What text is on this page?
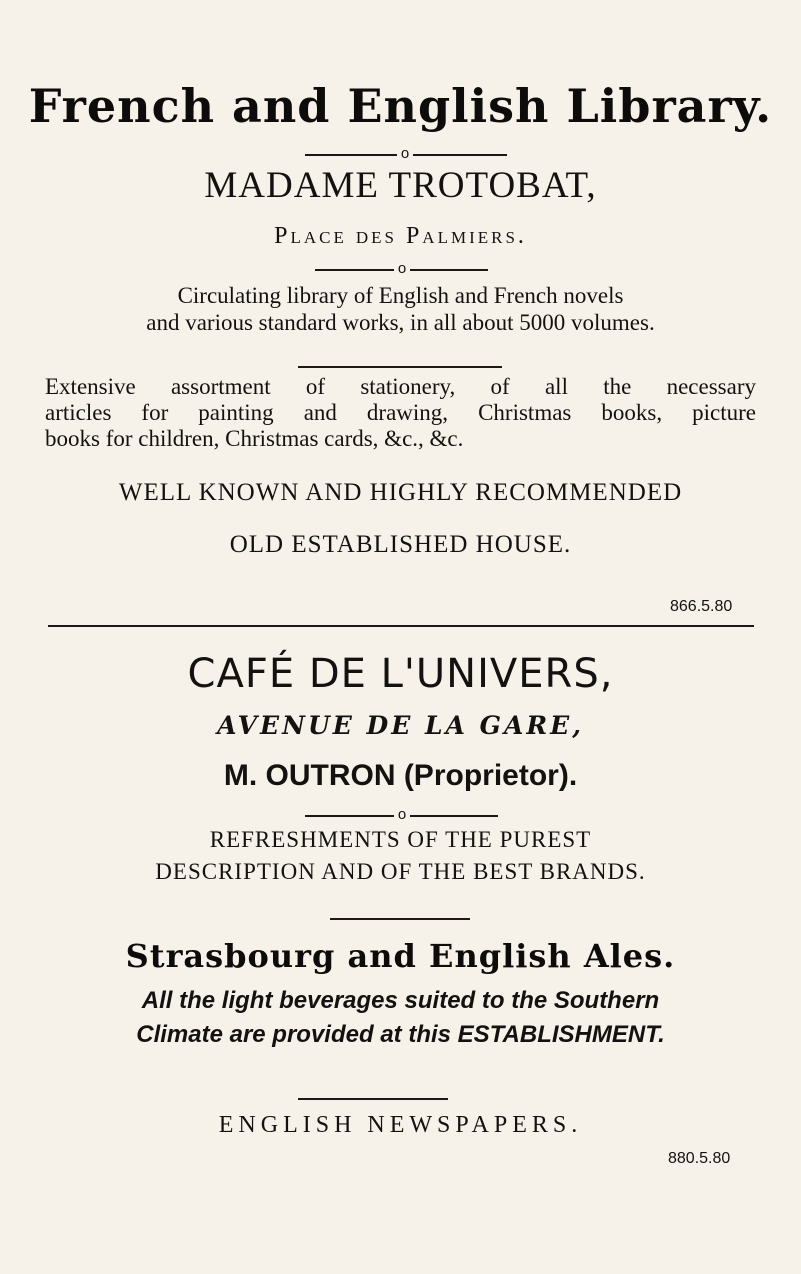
French and English Library.
o
MADAME TROTOBAT,
Place des Palmiers.
o
Circulating library of English and French novels
and various standard works, in all about 5000 volumes.
Extensive assortment of stationery, of all the necessary
articles for painting and drawing, Christmas books, picture
books for children, Christmas cards, &c., &c.
WELL KNOWN AND HIGHLY RECOMMENDED
OLD ESTABLISHED HOUSE.
866.5.80
CAFÉ DE L'UNIVERS,
AVENUE DE LA GARE,
M. OUTRON (Proprietor).
o
REFRESHMENTS OF THE PUREST
DESCRIPTION AND OF THE BEST BRANDS.
Strasbourg and English Ales.
All the light beverages suited to the Southern
Climate are provided at this ESTABLISHMENT.
ENGLISH NEWSPAPERS.
880.5.80
